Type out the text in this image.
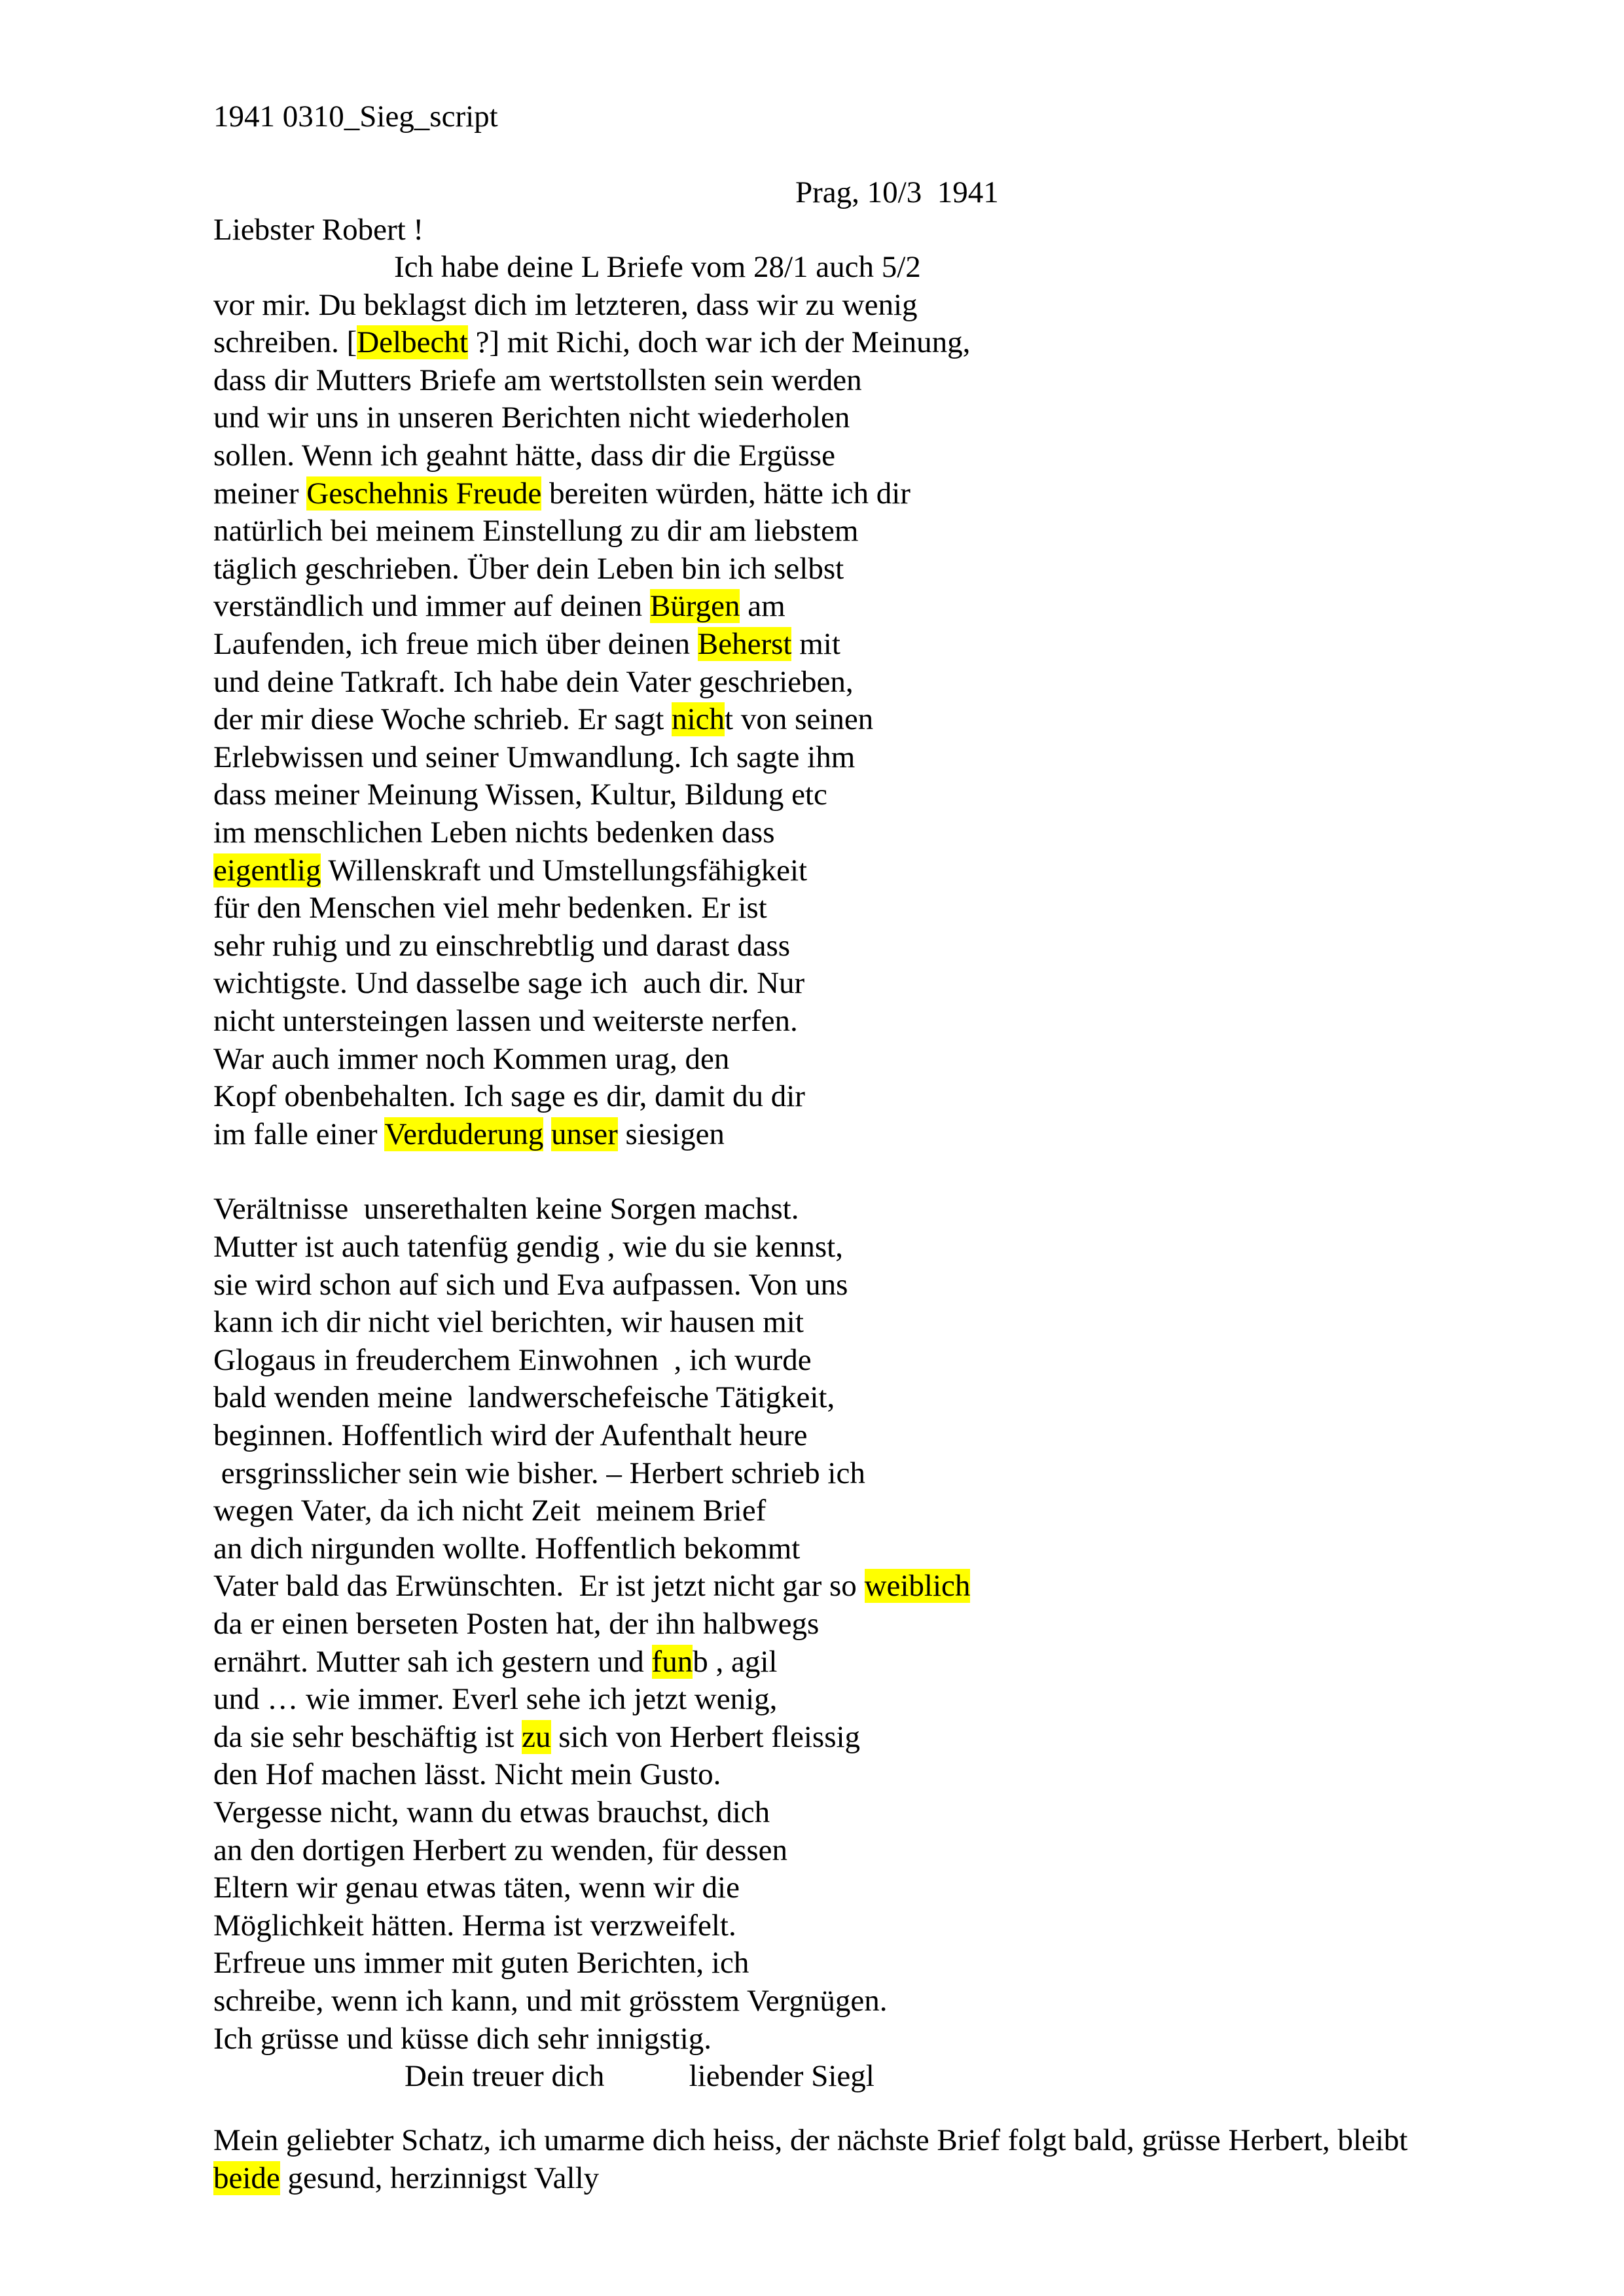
1941 0310_Sieg_script
Prag, 10/3  1941
Liebster Robert !
Ich habe deine L Briefe vom 28/1 auch 5/2
vor mir. Du beklagst dich im letzteren, dass wir zu wenig
schreiben. [Delbecht ?] mit Richi, doch war ich der Meinung,
dass dir Mutters Briefe am wertstollsten sein werden
und wir uns in unseren Berichten nicht wiederholen
sollen. Wenn ich geahnt hätte, dass dir die Ergüsse
meiner Geschehnis Freude bereiten würden, hätte ich dir
natürlich bei meinem Einstellung zu dir am liebstem
täglich geschrieben. Über dein Leben bin ich selbst
verständlich und immer auf deinen Bürgen am
Laufenden, ich freue mich über deinen Beherst mit
und deine Tatkraft. Ich habe dein Vater geschrieben,
der mir diese Woche schrieb. Er sagt nicht von seinen
Erlebwissen und seiner Umwandlung. Ich sagte ihm
dass meiner Meinung Wissen, Kultur, Bildung etc
im menschlichen Leben nichts bedenken dass
eigentlig Willenskraft und Umstellungsfähigkeit
für den Menschen viel mehr bedenken. Er ist
sehr ruhig und zu einschrebtlig und darast dass
wichtigste. Und dasselbe sage ich  auch dir. Nur
nicht untersteingen lassen und weiterste nerfen.
War auch immer noch Kommen urag, den
Kopf obenbehalten. Ich sage es dir, damit du dir
im falle einer Verduderung unser siesigen
Verältnisse  unserethalten keine Sorgen machst.
Mutter ist auch tatenfüg gendig , wie du sie kennst,
sie wird schon auf sich und Eva aufpassen. Von uns
kann ich dir nicht viel berichten, wir hausen mit
Glogaus in freuderchem Einwohnen  , ich wurde
bald wenden meine  landwerschefeische Tätigkeit,
beginnen. Hoffentlich wird der Aufenthalt heure
ersgrinsslicher sein wie bisher. – Herbert schrieb ich
wegen Vater, da ich nicht Zeit  meinem Brief
an dich nirgunden wollte. Hoffentlich bekommt
Vater bald das Erwünschten.  Er ist jetzt nicht gar so weiblich
da er einen berseten Posten hat, der ihn halbwegs
ernährt. Mutter sah ich gestern und funb , agil
und … wie immer. Everl sehe ich jetzt wenig,
da sie sehr beschäftig ist zu sich von Herbert fleissig
den Hof machen lässt. Nicht mein Gusto.
Vergesse nicht, wann du etwas brauchst, dich
an den dortigen Herbert zu wenden, für dessen
Eltern wir genau etwas täten, wenn wir die
Möglichkeit hätten. Herma ist verzweifelt.
Erfreue uns immer mit guten Berichten, ich
schreibe, wenn ich kann, und mit grösstem Vergnügen.
Ich grüsse und küsse dich sehr innigstig.
Dein treuer dich           liebender Siegl
Mein geliebter Schatz, ich umarme dich heiss, der nächste Brief folgt bald, grüsse Herbert, bleibt
beide gesund, herzinnigst Vally
